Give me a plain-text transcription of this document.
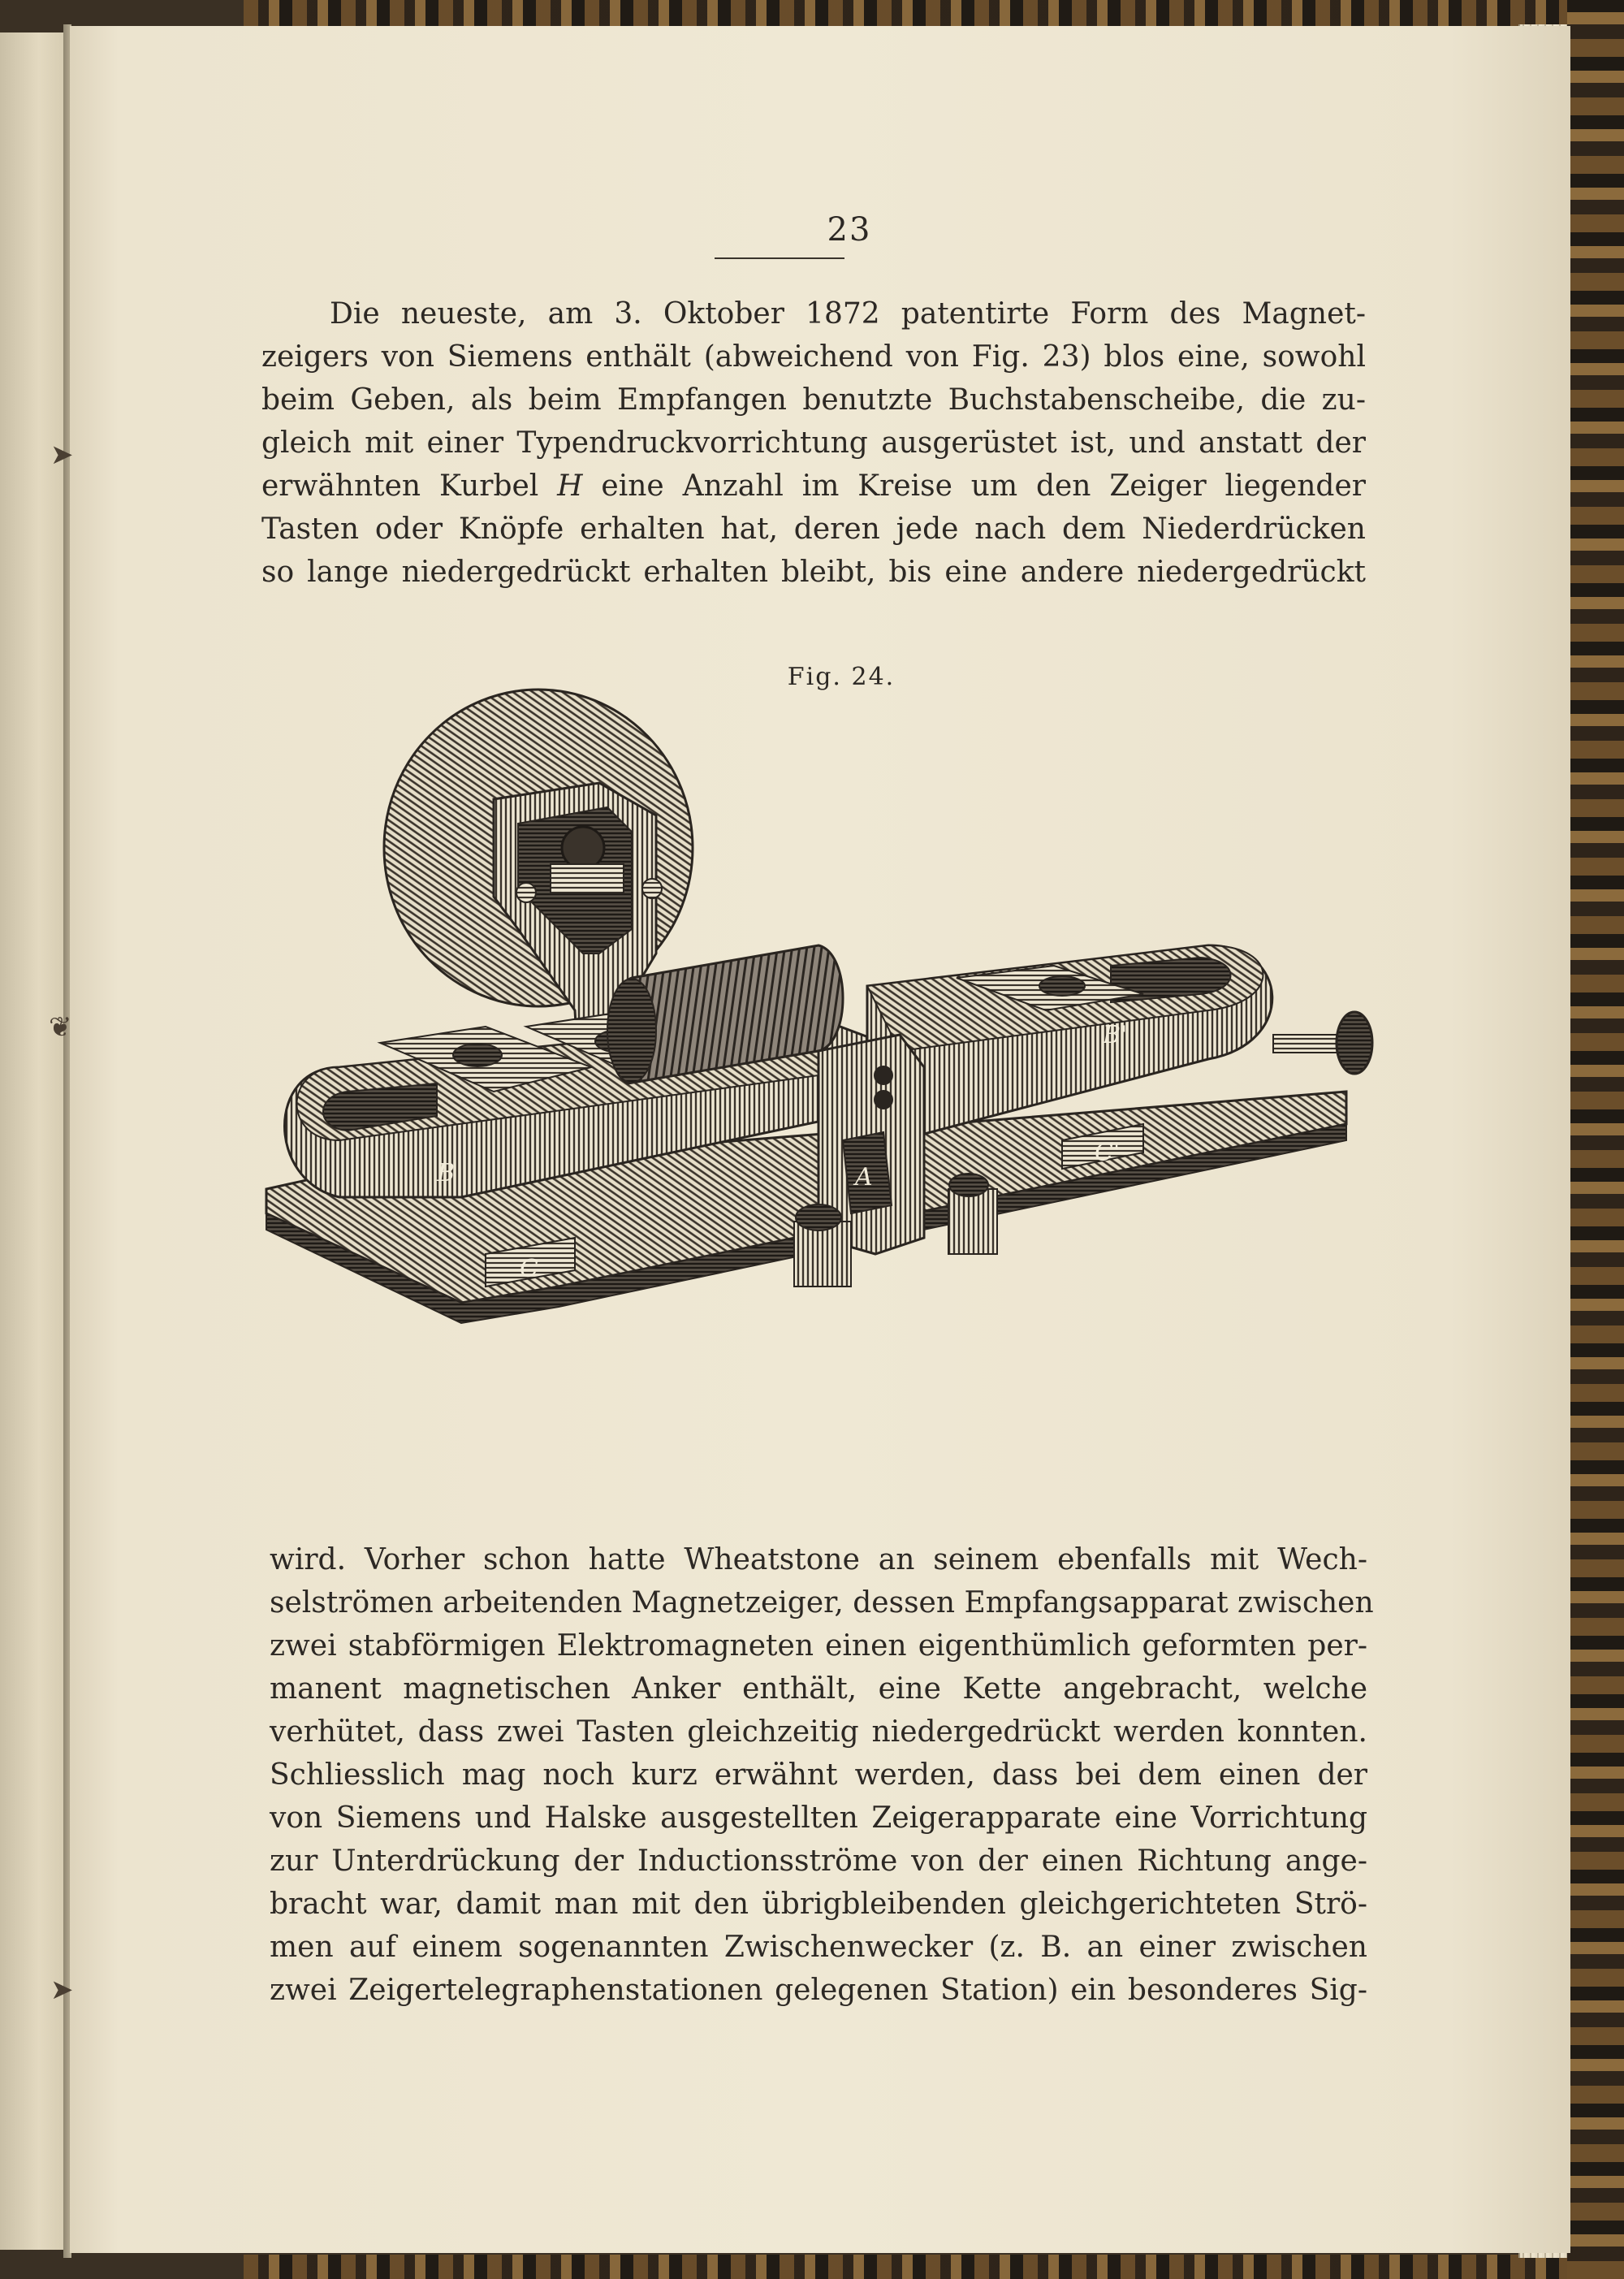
23
Die neueste, am 3. Oktober 1872 patentirte Form des Magnet-
zeigers von Siemens enthält (abweichend von Fig. 23) blos eine, sowohl
beim Geben, als beim Empfangen benutzte Buchstabenscheibe, die zu-
gleich mit einer Typendruckvorrichtung ausgerüstet ist, und anstatt der
erwähnten Kurbel H eine Anzahl im Kreise um den Zeiger liegender
Tasten oder Knöpfe erhalten hat, deren jede nach dem Niederdrücken
so lange niedergedrückt erhalten bleibt, bis eine andere niedergedrückt
Fig. 24.
B
B'
A
C
C'
wird. Vorher schon hatte Wheatstone an seinem ebenfalls mit Wech-
selströmen arbeitenden Magnetzeiger, dessen Empfangsapparat zwischen
zwei stabförmigen Elektromagneten einen eigenthümlich geformten per-
manent magnetischen Anker enthält, eine Kette angebracht, welche
verhütet, dass zwei Tasten gleichzeitig niedergedrückt werden konnten.
Schliesslich mag noch kurz erwähnt werden, dass bei dem einen der
von Siemens und Halske ausgestellten Zeigerapparate eine Vorrichtung
zur Unterdrückung der Inductionsströme von der einen Richtung ange-
bracht war, damit man mit den übrigbleibenden gleichgerichteten Strö-
men auf einem sogenannten Zwischenwecker (z. B. an einer zwischen
zwei Zeigertelegraphenstationen gelegenen Station) ein besonderes Sig-
➤
❦
➤
